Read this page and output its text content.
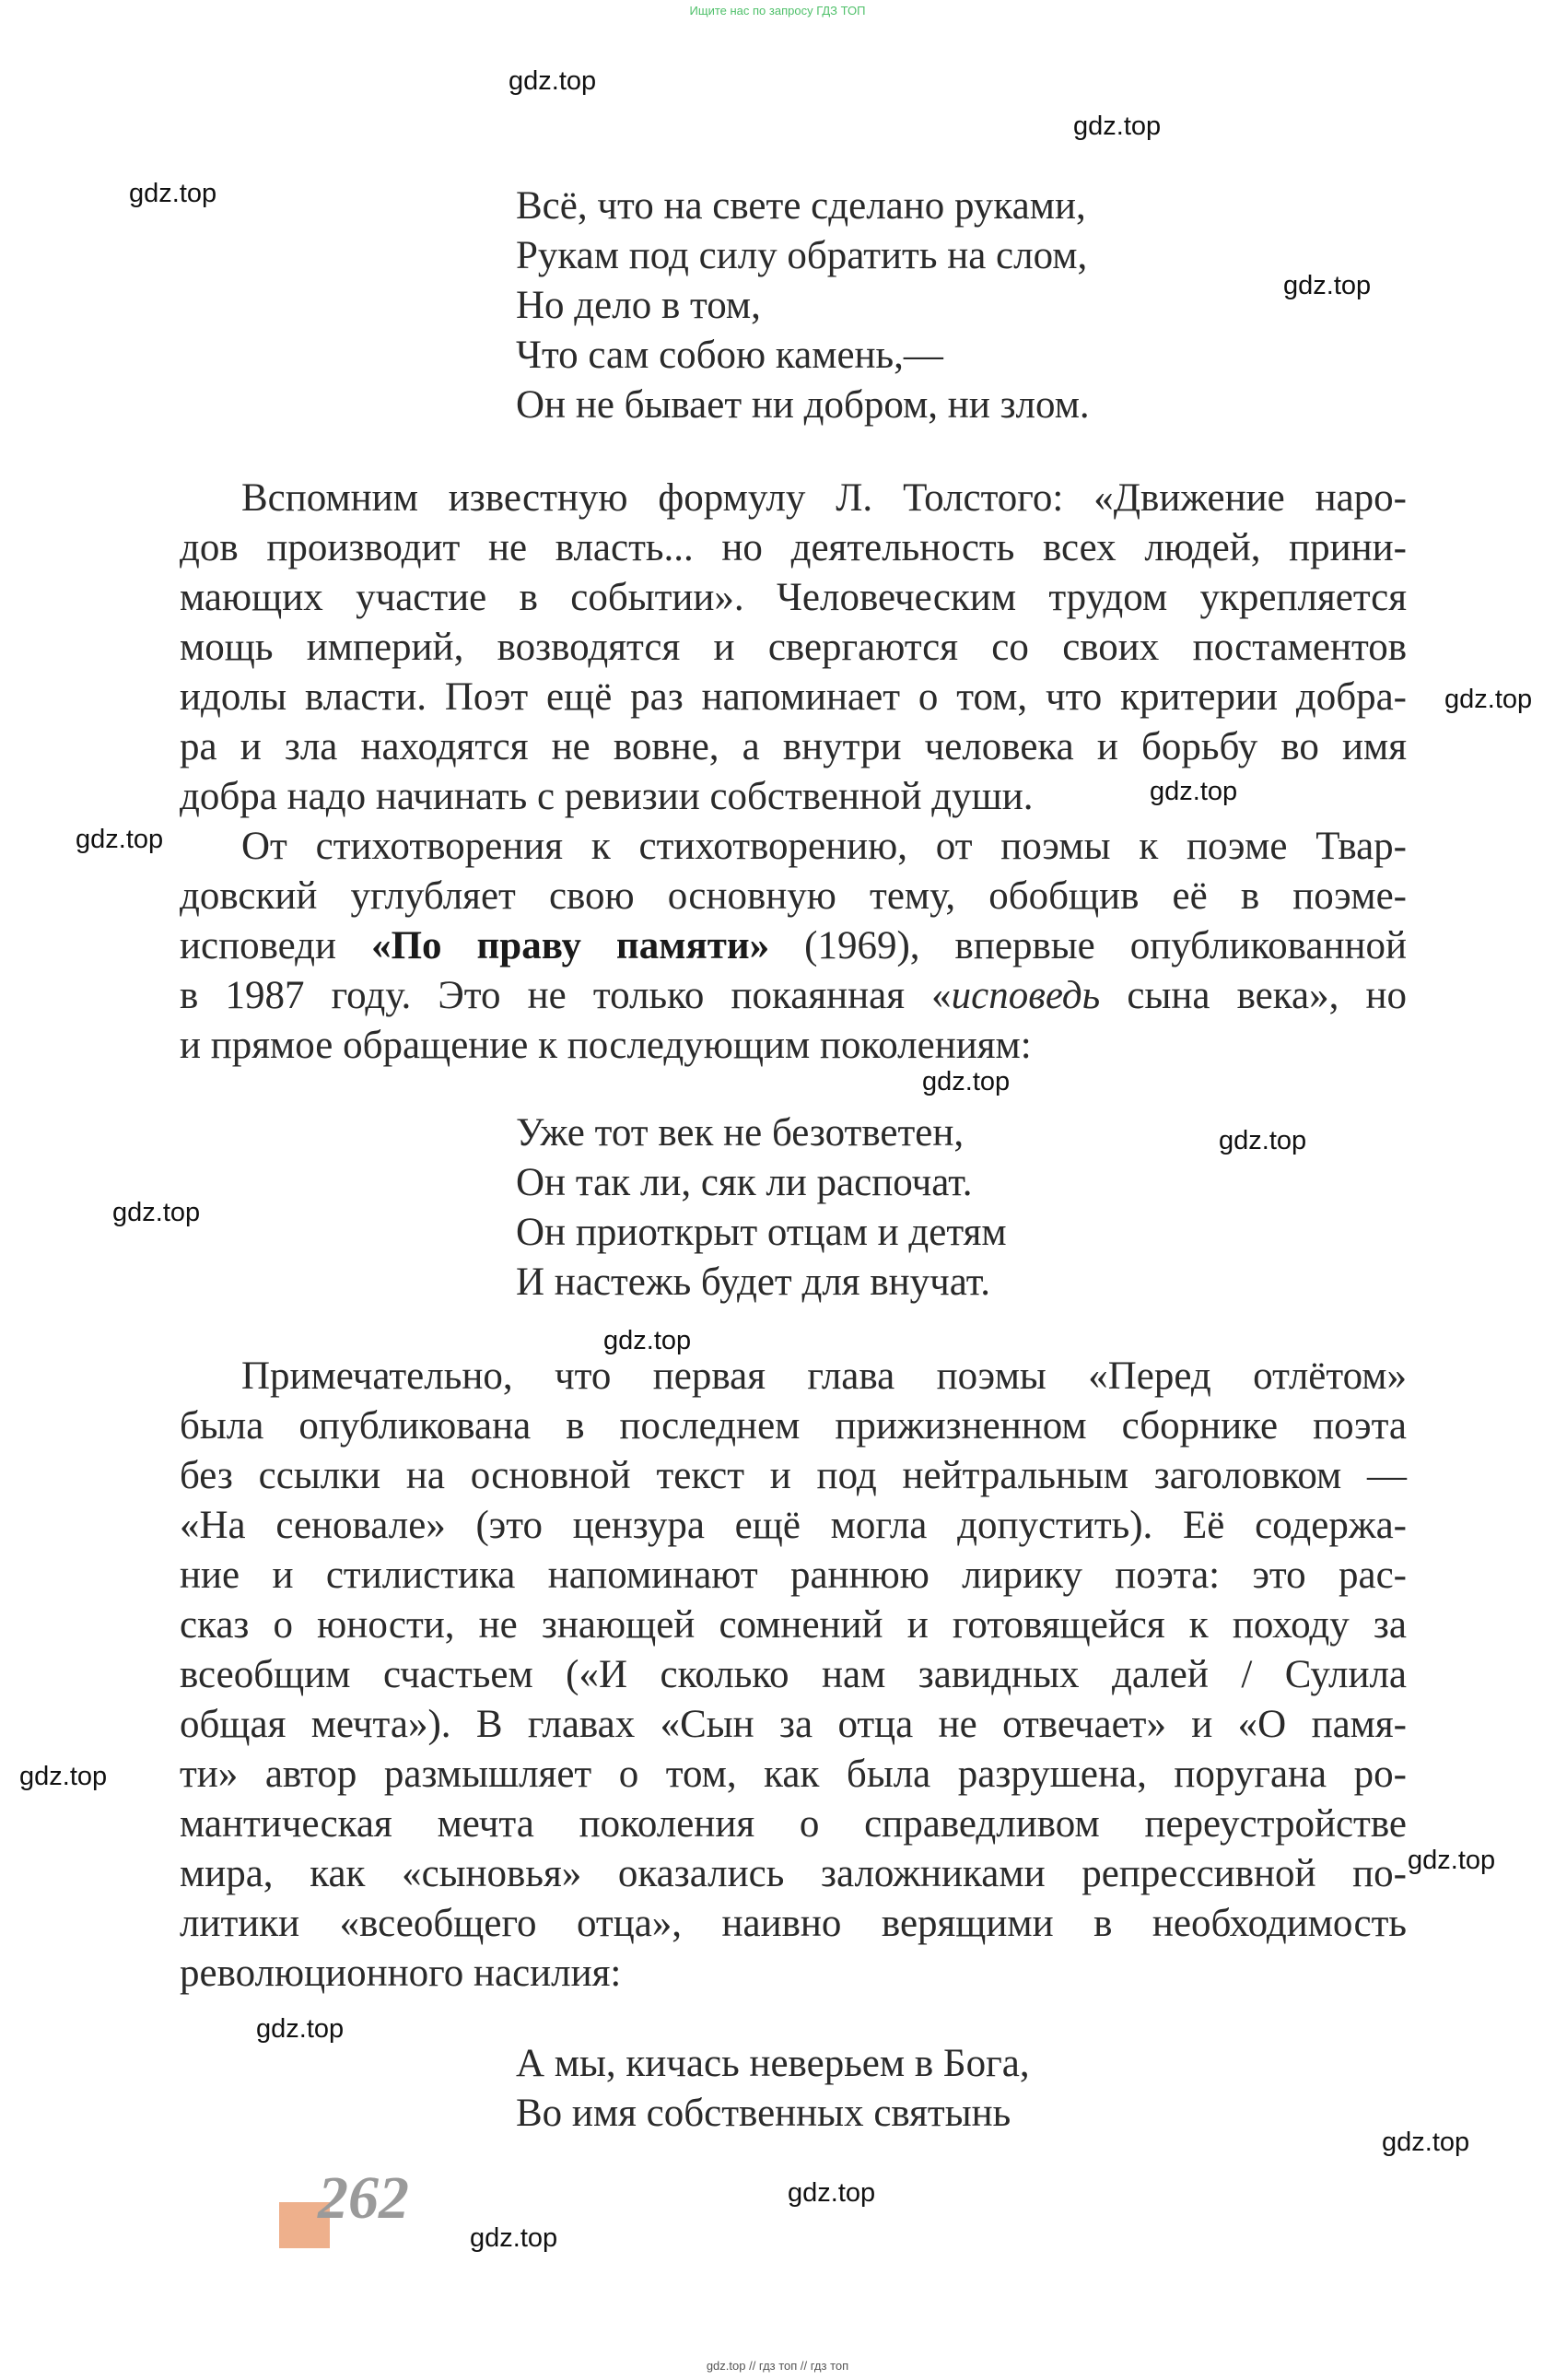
Ищите нас по запросу ГДЗ ТОП
gdz.top
gdz.top
gdz.top
gdz.top
gdz.top
gdz.top
gdz.top
gdz.top
gdz.top
gdz.top
gdz.top
gdz.top
gdz.top
gdz.top
gdz.top
gdz.top
gdz.top
Всё, что на свете сделано руками,
Рукам под силу обратить на слом,
Но дело в том,
Что сам собою камень,—
Он не бывает ни добром, ни злом.
Вспомним известную формулу Л. Толстого: «Движение наро-
дов производит не власть... но деятельность всех людей, прини-
мающих участие в событии». Человеческим трудом укрепляется
мощь империй, возводятся и свергаются со своих постаментов
идолы власти. Поэт ещё раз напоминает о том, что критерии добра-
ра и зла находятся не вовне, а внутри человека и борьбу во имя
добра надо начинать с ревизии собственной души.
От стихотворения к стихотворению, от поэмы к поэме Твар-
довский углубляет свою основную тему, обобщив её в поэме-
исповеди «По праву памяти» (1969), впервые опубликованной
в 1987 году. Это не только покаянная «исповедь сына века», но
и прямое обращение к последующим поколениям:
Уже тот век не безответен,
Он так ли, сяк ли распочат.
Он приоткрыт отцам и детям
И настежь будет для внучат.
Примечательно, что первая глава поэмы «Перед отлётом»
была опубликована в последнем прижизненном сборнике поэта
без ссылки на основной текст и под нейтральным заголовком —
«На сеновале» (это цензура ещё могла допустить). Её содержа-
ние и стилистика напоминают раннюю лирику поэта: это рас-
сказ о юности, не знающей сомнений и готовящейся к походу за
всеобщим счастьем («И сколько нам завидных далей / Сулила
общая мечта»). В главах «Сын за отца не отвечает» и «О памя-
ти» автор размышляет о том, как была разрушена, поругана ро-
мантическая мечта поколения о справедливом переустройстве
мира, как «сыновья» оказались заложниками репрессивной по-
литики «всеобщего отца», наивно верящими в необходимость
революционного насилия:
А мы, кичась неверьем в Бога,
Во имя собственных святынь
262
gdz.top // гдз топ // гдз топ
